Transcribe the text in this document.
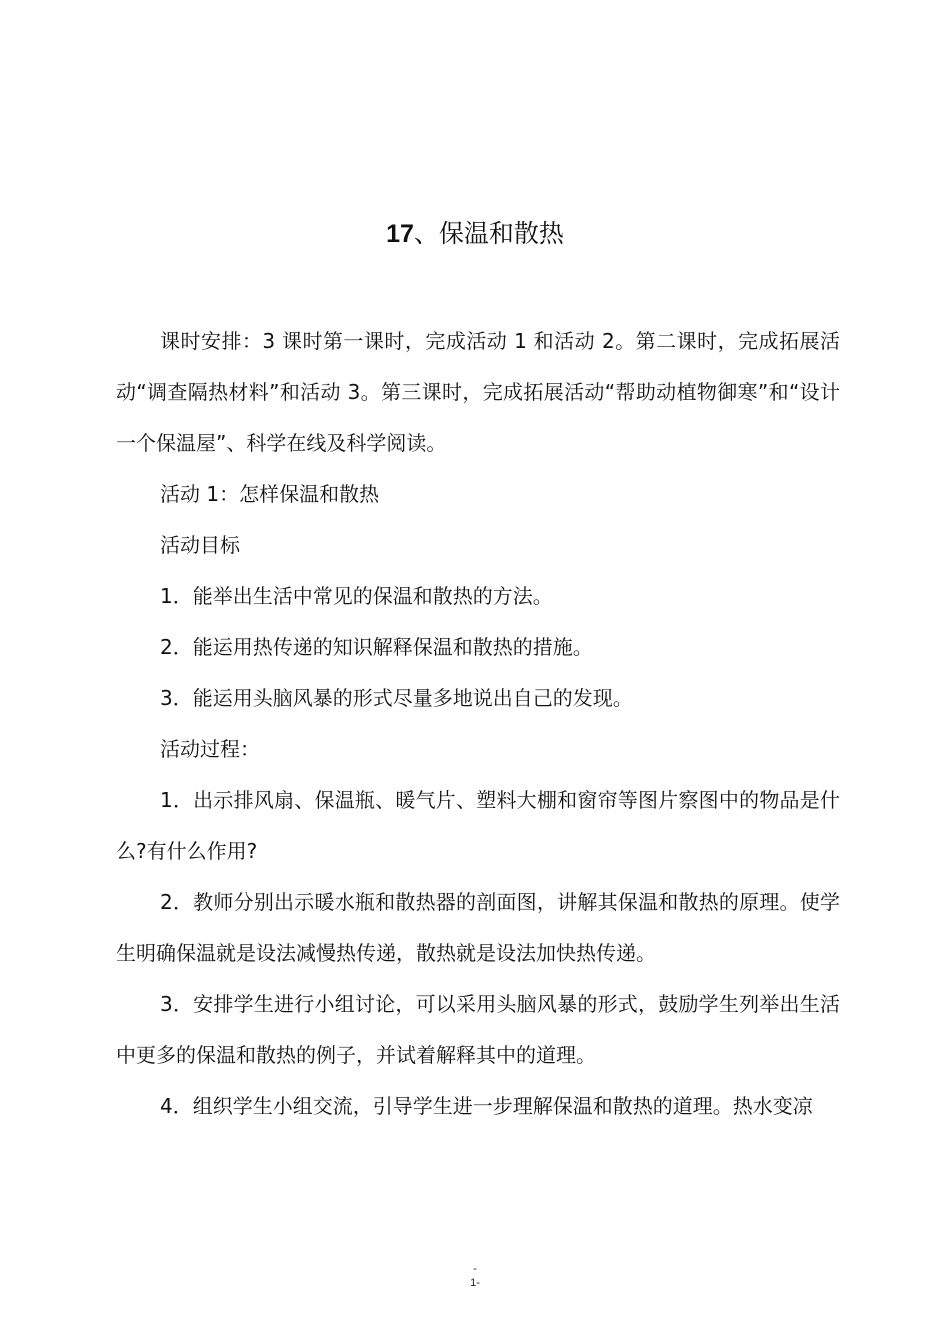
17、保温和散热

课时安排：3 课时第一课时，完成活动 1 和活动 2。第二课时，完成拓展活动“调查隔热材料”和活动 3。第三课时，完成拓展活动“帮助动植物御寒”和“设计一个保温屋”、科学在线及科学阅读。

活动 1：怎样保温和散热

活动目标

1．能举出生活中常见的保温和散热的方法。

2．能运用热传递的知识解释保温和散热的措施。

3．能运用头脑风暴的形式尽量多地说出自己的发现。

活动过程：

1．出示排风扇、保温瓶、暖气片、塑料大棚和窗帘等图片察图中的物品是什么?有什么作用?

2．教师分别出示暖水瓶和散热器的剖面图，讲解其保温和散热的原理。使学生明确保温就是设法减慢热传递，散热就是设法加快热传递。

3．安排学生进行小组讨论，可以采用头脑风暴的形式，鼓励学生列举出生活中更多的保温和散热的例子，并试着解释其中的道理。

4．组织学生小组交流，引导学生进一步理解保温和散热的道理。热水变凉

-
1-
